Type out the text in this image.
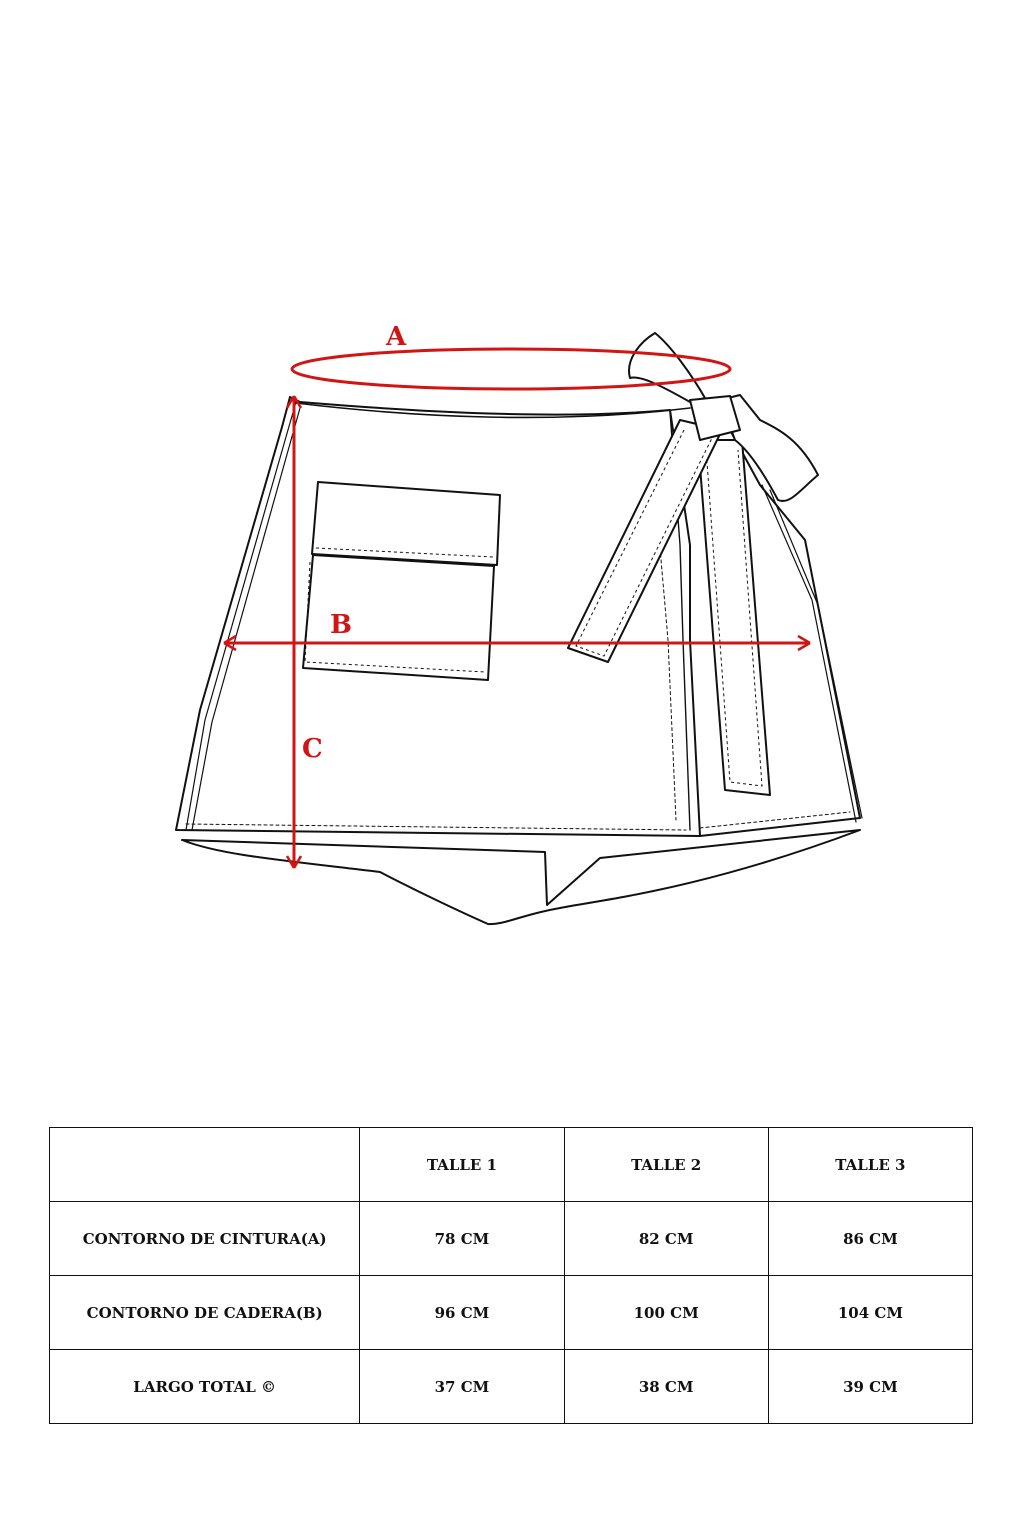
A
B
C
	TALLE 1	TALLE 2	TALLE 3
CONTORNO DE CINTURA(A)	78 CM	82 CM	86 CM
CONTORNO DE CADERA(B)	96 CM	100 CM	104 CM
LARGO TOTAL ©	37 CM	38 CM	39 CM
